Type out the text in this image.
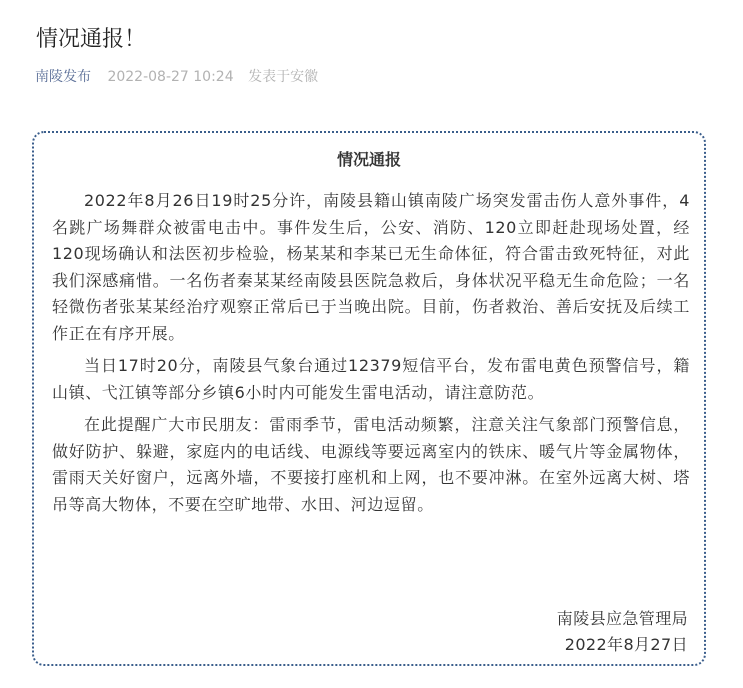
情况通报！
南陵发布 2022-08-27 10:24 发表于安徽
情况通报

2022年8月26日19时25分许，南陵县籍山镇南陵广场突发雷击伤人意外事件，4名跳广场舞群众被雷电击中。事件发生后，公安、消防、120立即赶赴现场处置，经120现场确认和法医初步检验，杨某某和李某已无生命体征，符合雷击致死特征，对此我们深感痛惜。一名伤者秦某某经南陵县医院急救后，身体状况平稳无生命危险；一名轻微伤者张某某经治疗观察正常后已于当晚出院。目前，伤者救治、善后安抚及后续工作正在有序开展。

当日17时20分，南陵县气象台通过12379短信平台，发布雷电黄色预警信号，籍山镇、弋江镇等部分乡镇6小时内可能发生雷电活动，请注意防范。

在此提醒广大市民朋友：雷雨季节，雷电活动频繁，注意关注气象部门预警信息，做好防护、躲避，家庭内的电话线、电源线等要远离室内的铁床、暖气片等金属物体，雷雨天关好窗户，远离外墙，不要接打座机和上网，也不要冲淋。在室外远离大树、塔吊等高大物体，不要在空旷地带、水田、河边逗留。

南陵县应急管理局
2022年8月27日
